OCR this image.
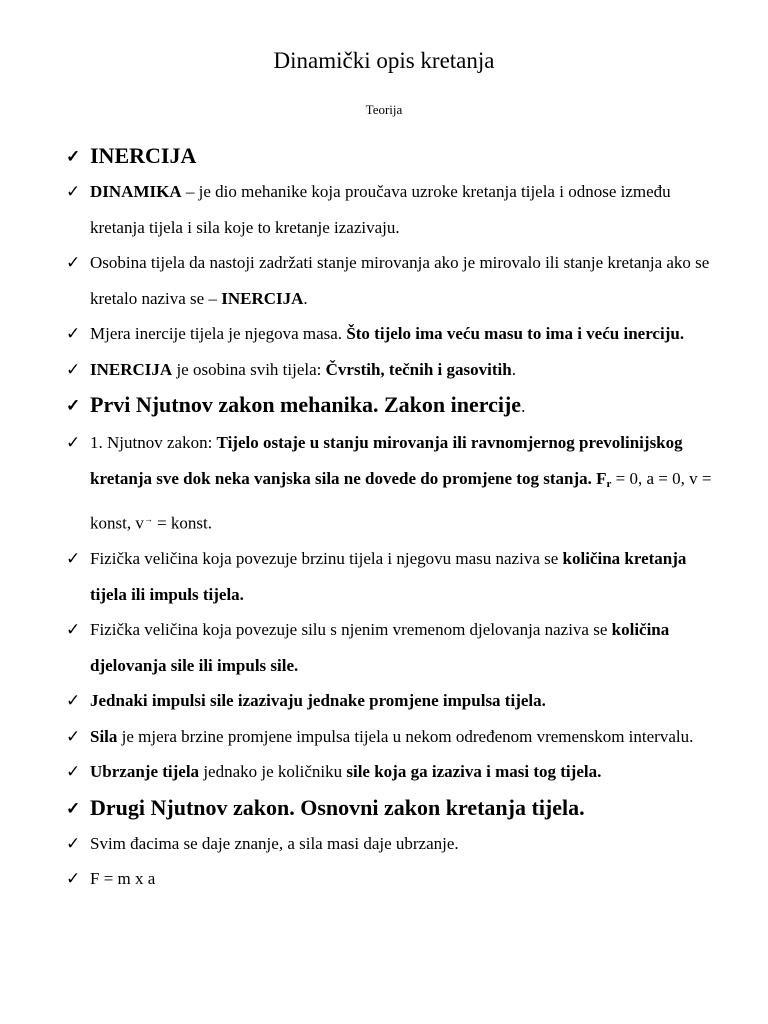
Dinamički opis kretanja
Teorija
✓ INERCIJA
✓ DINAMIKA – je dio mehanike koja proučava uzroke kretanja tijela i odnose između kretanja tijela i sila koje to kretanje izazivaju.
✓ Osobina tijela da nastoji zadržati stanje mirovanja ako je mirovalo ili stanje kretanja ako se kretalo naziva se – INERCIJA.
✓ Mjera inercije tijela je njegova masa. Što tijelo ima veću masu to ima i veću inerciju.
✓ INERCIJA je osobina svih tijela: Čvrstih, tečnih i gasovitih.
✓ Prvi Njutnov zakon mehanika. Zakon inercije.
✓ 1. Njutnov zakon: Tijelo ostaje u stanju mirovanja ili ravnomjernog prevolinijskog kretanja sve dok neka vanjska sila ne dovede do promjene tog stanja. $F_r = 0$, a = 0, v = konst, v→ = konst.
✓ Fizička veličina koja povezuje brzinu tijela i njegovu masu naziva se količina kretanja tijela ili impuls tijela.
✓ Fizička veličina koja povezuje silu s njenim vremenom djelovanja naziva se količina djelovanja sile ili impuls sile.
✓ Jednaki impulsi sile izazivaju jednake promjene impulsa tijela.
✓ Sila je mjera brzine promjene impulsa tijela u nekom određenom vremenskom intervalu.
✓ Ubrzanje tijela jednako je količniku sile koja ga izaziva i masi tog tijela.
✓ Drugi Njutnov zakon. Osnovni zakon kretanja tijela.
✓ Svim đacima se daje znanje, a sila masi daje ubrzanje.
✓ F = m x a
